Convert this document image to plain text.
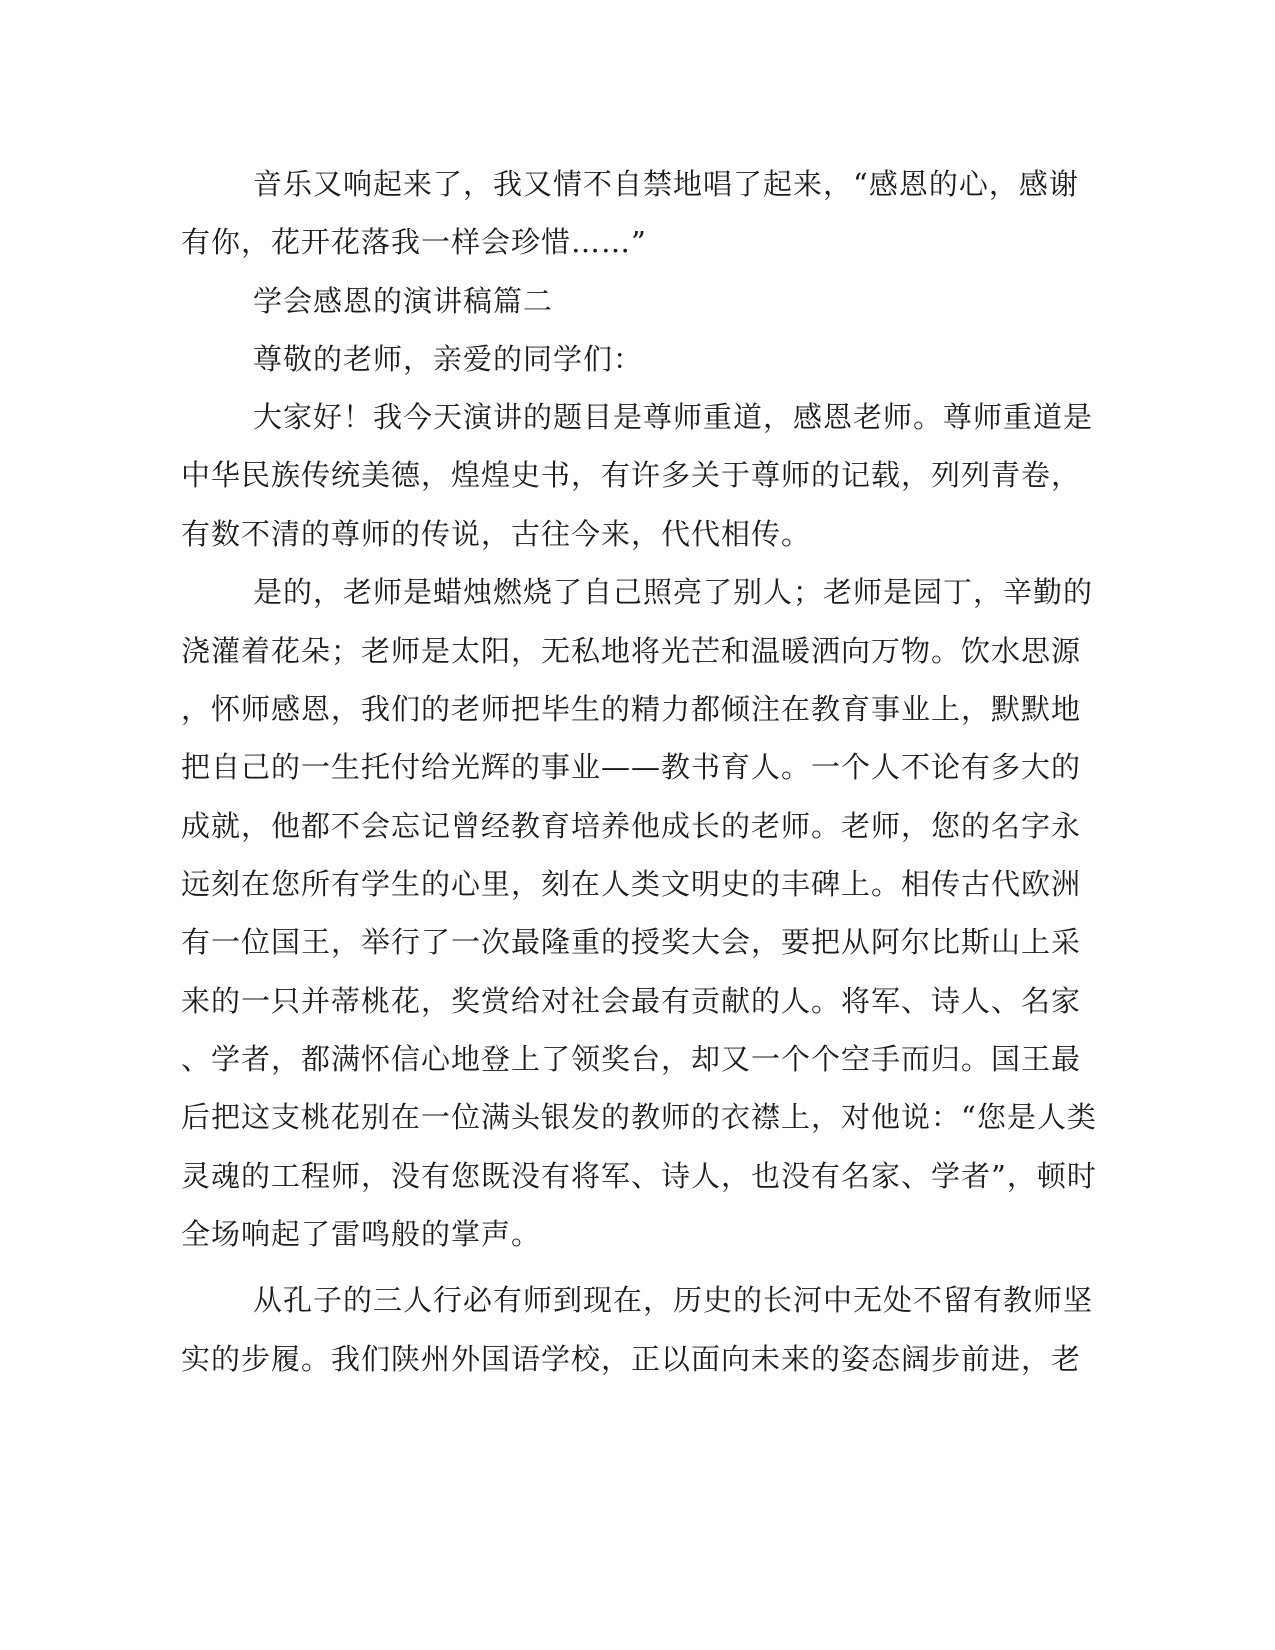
音乐又响起来了，我又情不自禁地唱了起来，“感恩的心，感谢
有你，花开花落我一样会珍惜……”
学会感恩的演讲稿篇二
尊敬的老师，亲爱的同学们：
大家好！我今天演讲的题目是尊师重道，感恩老师。尊师重道是
中华民族传统美德，煌煌史书，有许多关于尊师的记载，列列青卷，
有数不清的尊师的传说，古往今来，代代相传。
是的，老师是蜡烛燃烧了自己照亮了别人；老师是园丁，辛勤的
浇灌着花朵；老师是太阳，无私地将光芒和温暖洒向万物。饮水思源
，怀师感恩，我们的老师把毕生的精力都倾注在教育事业上，默默地
把自己的一生托付给光辉的事业——教书育人。一个人不论有多大的
成就，他都不会忘记曾经教育培养他成长的老师。老师，您的名字永
远刻在您所有学生的心里，刻在人类文明史的丰碑上。相传古代欧洲
有一位国王，举行了一次最隆重的授奖大会，要把从阿尔比斯山上采
来的一只并蒂桃花，奖赏给对社会最有贡献的人。将军、诗人、名家
、学者，都满怀信心地登上了领奖台，却又一个个空手而归。国王最
后把这支桃花别在一位满头银发的教师的衣襟上，对他说：“您是人类
灵魂的工程师，没有您既没有将军、诗人，也没有名家、学者”，顿时
全场响起了雷鸣般的掌声。
从孔子的三人行必有师到现在，历史的长河中无处不留有教师坚
实的步履。我们陕州外国语学校，正以面向未来的姿态阔步前进，老
